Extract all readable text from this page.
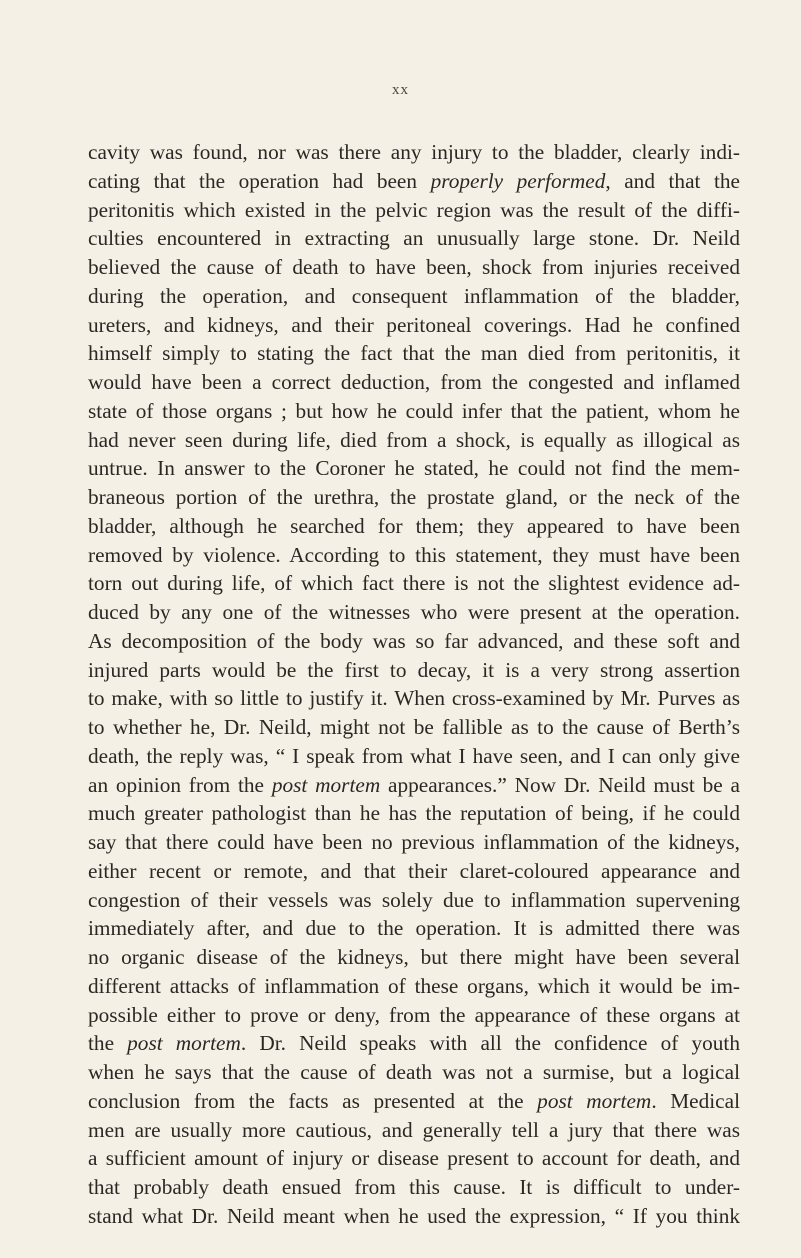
xx
cavity was found, nor was there any injury to the bladder, clearly indi-
cating that the operation had been properly performed, and that the
peritonitis which existed in the pelvic region was the result of the diffi-
culties encountered in extracting an unusually large stone. Dr. Neild
believed the cause of death to have been, shock from injuries received
during the operation, and consequent inflammation of the bladder,
ureters, and kidneys, and their peritoneal coverings. Had he confined
himself simply to stating the fact that the man died from peritonitis, it
would have been a correct deduction, from the congested and inflamed
state of those organs ; but how he could infer that the patient, whom he
had never seen during life, died from a shock, is equally as illogical as
untrue. In answer to the Coroner he stated, he could not find the mem-
braneous portion of the urethra, the prostate gland, or the neck of the
bladder, although he searched for them; they appeared to have been
removed by violence. According to this statement, they must have been
torn out during life, of which fact there is not the slightest evidence ad-
duced by any one of the witnesses who were present at the operation.
As decomposition of the body was so far advanced, and these soft and
injured parts would be the first to decay, it is a very strong assertion
to make, with so little to justify it. When cross-examined by Mr. Purves as
to whether he, Dr. Neild, might not be fallible as to the cause of Berth’s
death, the reply was, “ I speak from what I have seen, and I can only give
an opinion from the post mortem appearances.” Now Dr. Neild must be a
much greater pathologist than he has the reputation of being, if he could
say that there could have been no previous inflammation of the kidneys,
either recent or remote, and that their claret-coloured appearance and
congestion of their vessels was solely due to inflammation supervening
immediately after, and due to the operation. It is admitted there was
no organic disease of the kidneys, but there might have been several
different attacks of inflammation of these organs, which it would be im-
possible either to prove or deny, from the appearance of these organs at
the post mortem. Dr. Neild speaks with all the confidence of youth
when he says that the cause of death was not a surmise, but a logical
conclusion from the facts as presented at the post mortem. Medical
men are usually more cautious, and generally tell a jury that there was
a sufficient amount of injury or disease present to account for death, and
that probably death ensued from this cause. It is difficult to under-
stand what Dr. Neild meant when he used the expression, “ If you think
